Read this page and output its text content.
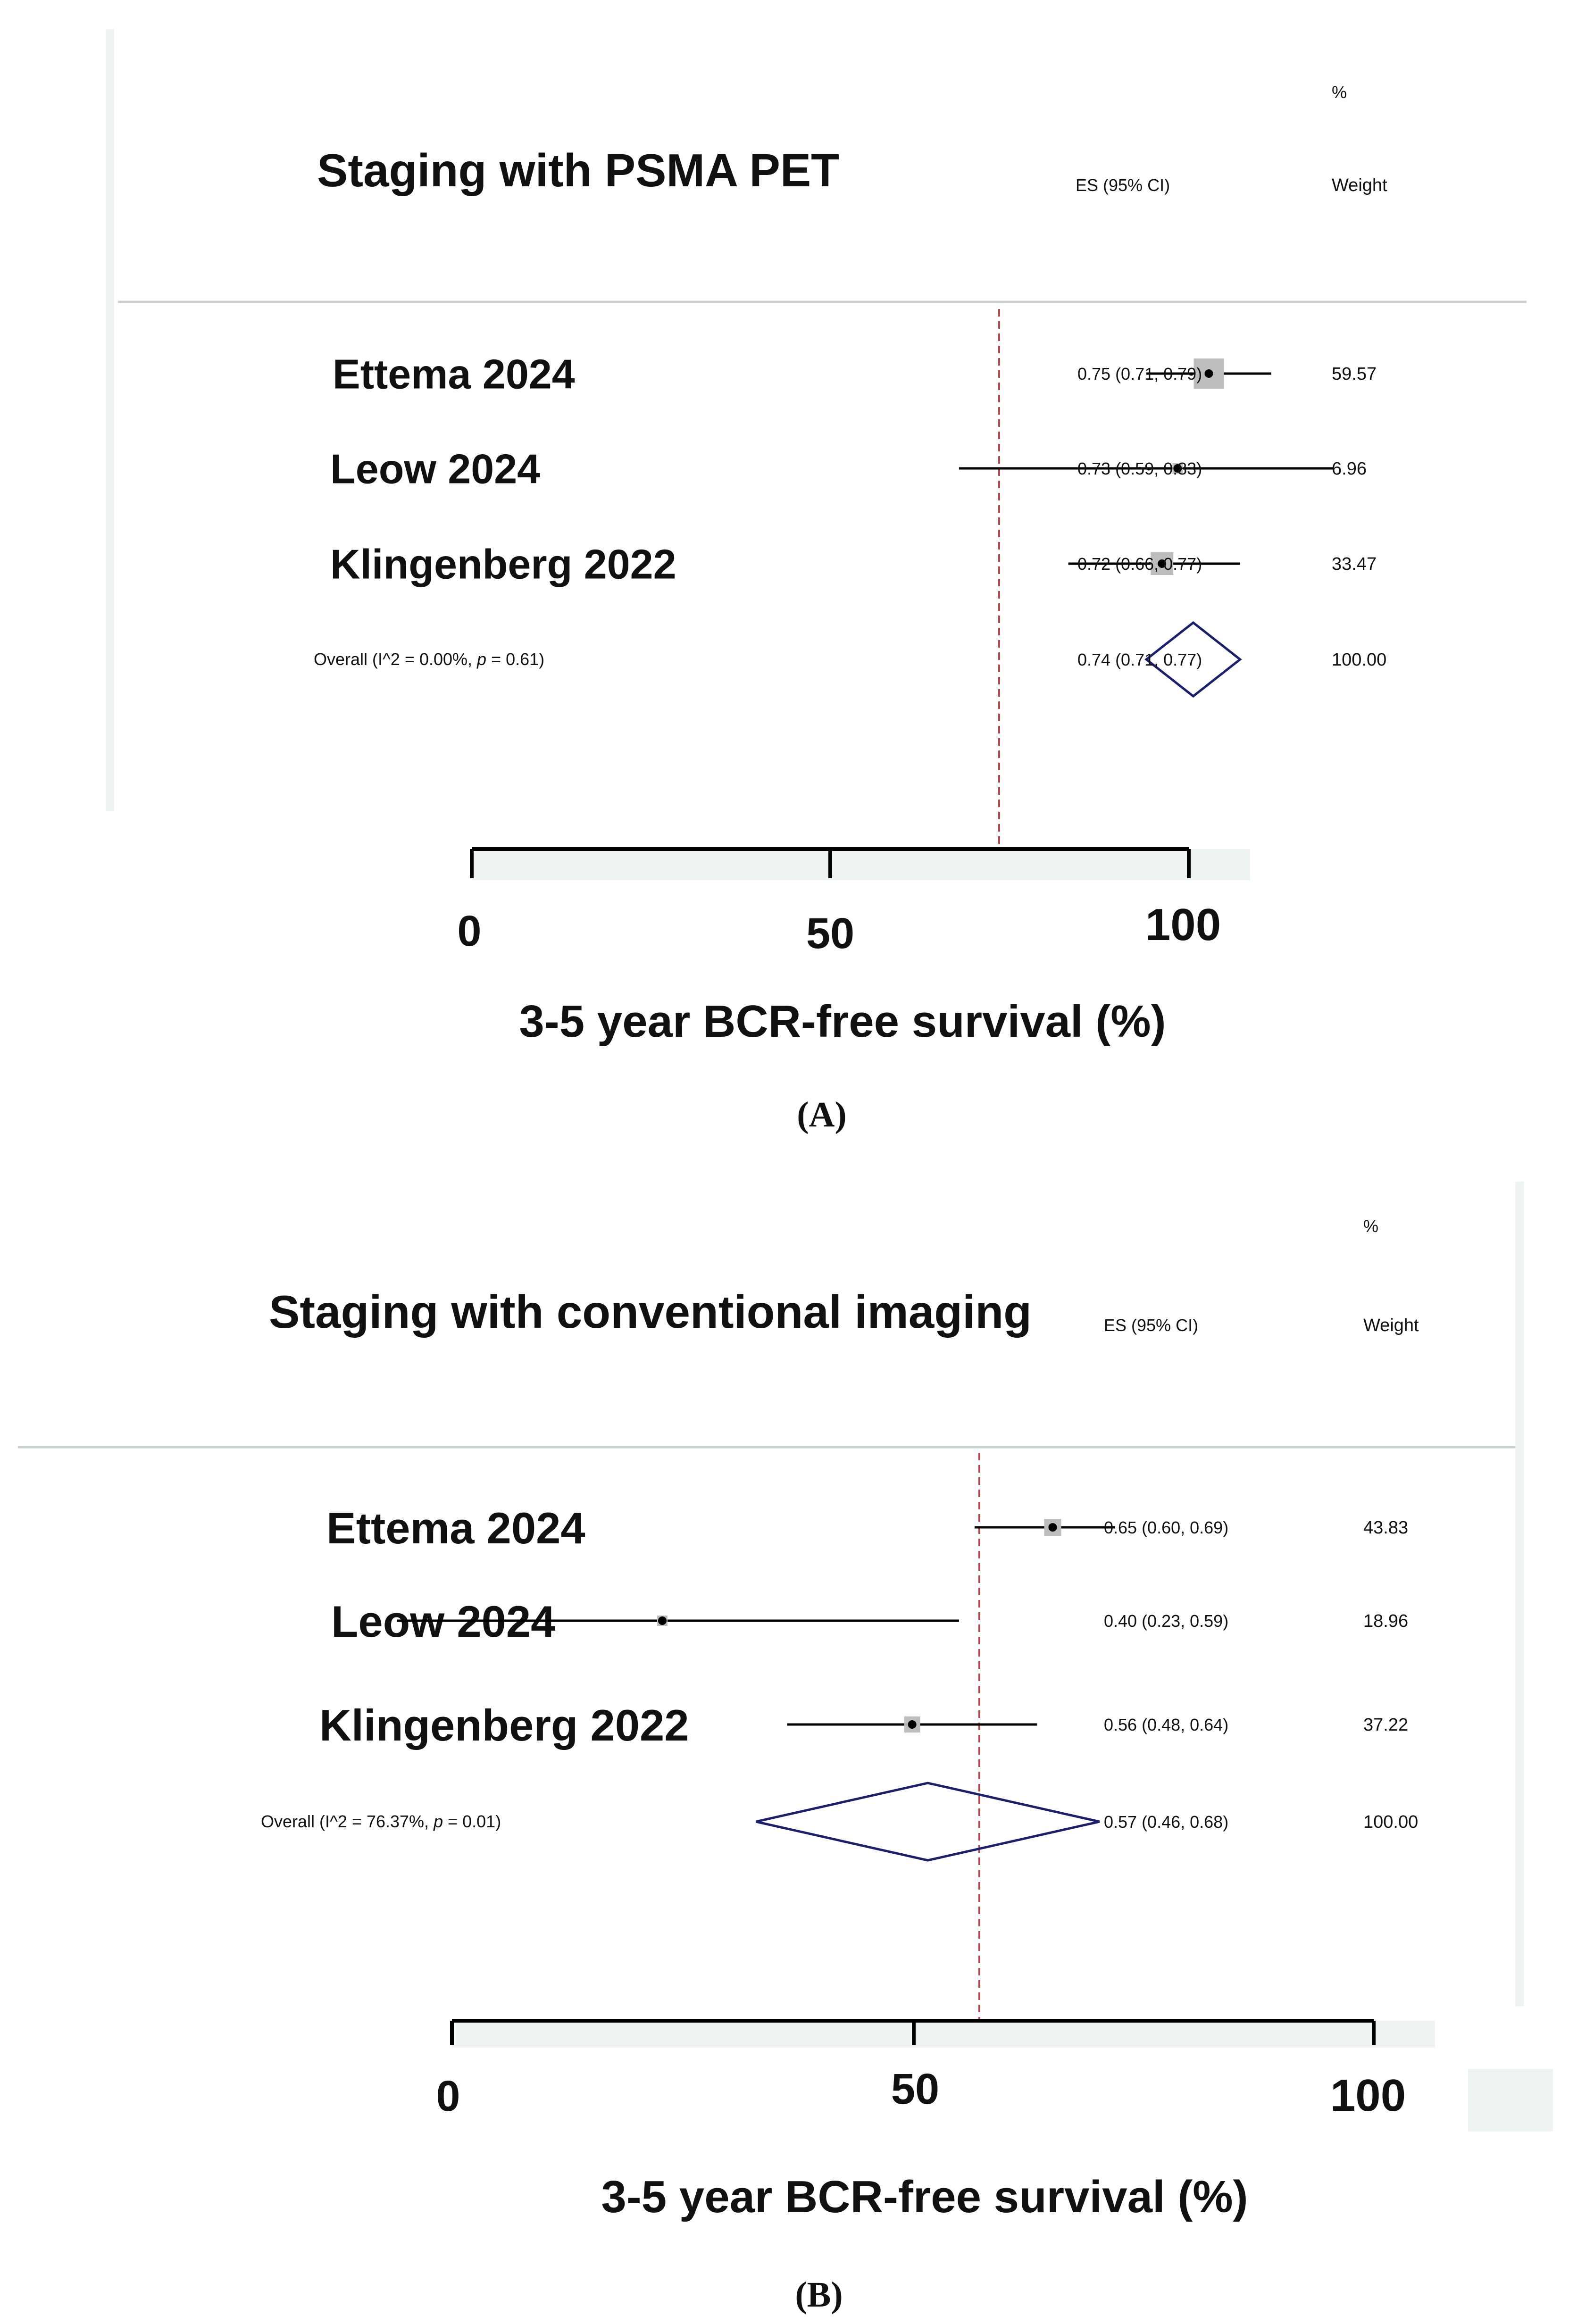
Staging with PSMA PET
%
ES (95% CI)	Weight
Ettema 2024	0.75 (0.71, 0.79)	59.57
Leow 2024	0.73 (0.59, 0.83)	6.96
Klingenberg 2022	0.72 (0.66, 0.77)	33.47
Overall (I^2 = 0.00%, p = 0.61)	0.74 (0.71, 0.77)	100.00
0	50	100
3-5 year BCR-free survival (%)
(A)
Staging with conventional imaging
%
ES (95% CI)	Weight
Ettema 2024	0.65 (0.60, 0.69)	43.83
Leow 2024	0.40 (0.23, 0.59)	18.96
Klingenberg 2022	0.56 (0.48, 0.64)	37.22
Overall (I^2 = 76.37%, p = 0.01)	0.57 (0.46, 0.68)	100.00
0	50	100
3-5 year BCR-free survival (%)
(B)
